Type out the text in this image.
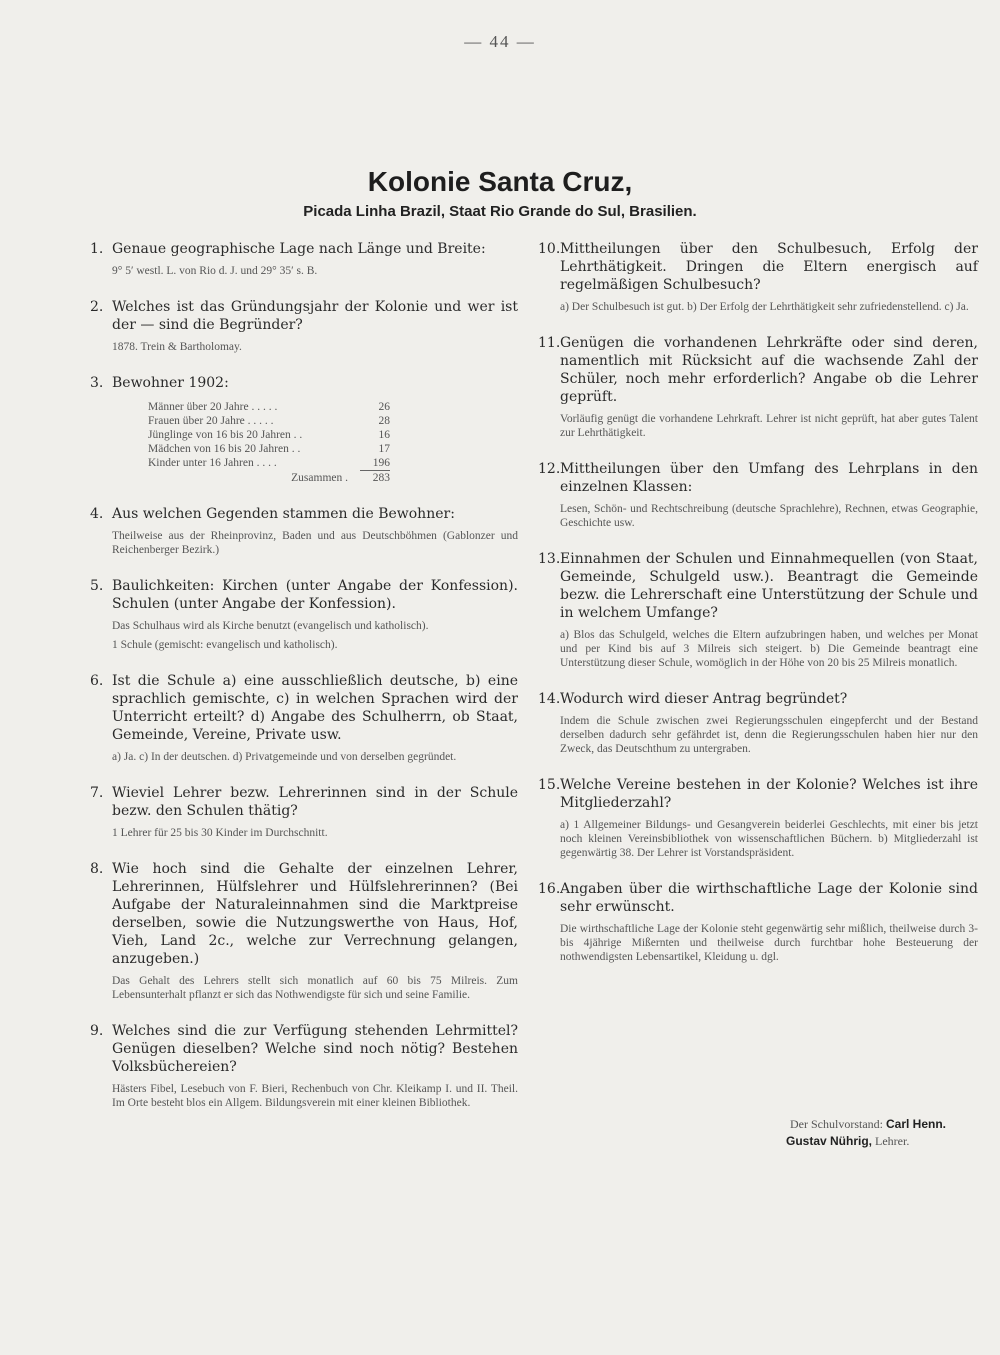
— 44 —
Kolonie Santa Cruz,
Picada Linha Brazil, Staat Rio Grande do Sul, Brasilien.
1. Genaue geographische Lage nach Länge und Breite:
9° 5′ westl. L. von Rio d. J. und 29° 35′ s. B.
2. Welches ist das Gründungsjahr der Kolonie und wer ist der — sind die Begründer?
1878. Trein & Bartholomay.
3. Bewohner 1902:
Männer über 20 Jahre . . . . .	26
Frauen über 20 Jahre . . . . .	28
Jünglinge von 16 bis 20 Jahren . .	16
Mädchen von 16 bis 20 Jahren . .	17
Kinder unter 16 Jahren . . . .	196
Zusammen .	283
4. Aus welchen Gegenden stammen die Bewohner:
Theilweise aus der Rheinprovinz, Baden und aus Deutschböhmen (Gablonzer und Reichenberger Bezirk.)
5. Baulichkeiten: Kirchen (unter Angabe der Konfession). Schulen (unter Angabe der Konfession).

Das Schulhaus wird als Kirche benutzt (evangelisch und katholisch).

1 Schule (gemischt: evangelisch und katholisch).

6. Ist die Schule a) eine ausschließlich deutsche, b) eine sprachlich gemischte, c) in welchen Sprachen wird der Unterricht erteilt? d) Angabe des Schulherrn, ob Staat, Gemeinde, Vereine, Private usw.
a) Ja. c) In der deutschen. d) Privatgemeinde und von derselben gegründet.
7. Wieviel Lehrer bezw. Lehrerinnen sind in der Schule bezw. den Schulen thätig?
1 Lehrer für 25 bis 30 Kinder im Durchschnitt.
8. Wie hoch sind die Gehalte der einzelnen Lehrer, Lehrerinnen, Hülfslehrer und Hülfslehrerinnen? (Bei Aufgabe der Naturaleinnahmen sind die Marktpreise derselben, sowie die Nutzungswerthe von Haus, Hof, Vieh, Land 2c., welche zur Verrechnung gelangen, anzugeben.)
Das Gehalt des Lehrers stellt sich monatlich auf 60 bis 75 Milreis. Zum Lebensunterhalt pflanzt er sich das Nothwendigste für sich und seine Familie.
9. Welches sind die zur Verfügung stehenden Lehrmittel? Genügen dieselben? Welche sind noch nötig? Bestehen Volksbüchereien?
Hästers Fibel, Lesebuch von F. Bieri, Rechenbuch von Chr. Kleikamp I. und II. Theil. Im Orte besteht blos ein Allgem. Bildungsverein mit einer kleinen Bibliothek.
10.Mittheilungen über den Schulbesuch, Erfolg der Lehrthätigkeit. Dringen die Eltern energisch auf regelmäßigen Schulbesuch?
a) Der Schulbesuch ist gut. b) Der Erfolg der Lehrthätigkeit sehr zufriedenstellend. c) Ja.
11.Genügen die vorhandenen Lehrkräfte oder sind deren, namentlich mit Rücksicht auf die wachsende Zahl der Schüler, noch mehr erforderlich? Angabe ob die Lehrer geprüft.
Vorläufig genügt die vorhandene Lehrkraft. Lehrer ist nicht geprüft, hat aber gutes Talent zur Lehrthätigkeit.
12.Mittheilungen über den Umfang des Lehrplans in den einzelnen Klassen:
Lesen, Schön- und Rechtschreibung (deutsche Sprachlehre), Rechnen, etwas Geographie, Geschichte usw.
13.Einnahmen der Schulen und Einnahmequellen (von Staat, Gemeinde, Schulgeld usw.). Beantragt die Gemeinde bezw. die Lehrerschaft eine Unterstützung der Schule und in welchem Umfange?
a) Blos das Schulgeld, welches die Eltern aufzubringen haben, und welches per Monat und per Kind bis auf 3 Milreis sich steigert. b) Die Gemeinde beantragt eine Unterstützung dieser Schule, womöglich in der Höhe von 20 bis 25 Milreis monatlich.
14.Wodurch wird dieser Antrag begründet?
Indem die Schule zwischen zwei Regierungsschulen eingepfercht und der Bestand derselben dadurch sehr gefährdet ist, denn die Regierungsschulen haben hier nur den Zweck, das Deutschthum zu untergraben.
15.Welche Vereine bestehen in der Kolonie? Welches ist ihre Mitgliederzahl?
a) 1 Allgemeiner Bildungs- und Gesangverein beiderlei Geschlechts, mit einer bis jetzt noch kleinen Vereinsbibliothek von wissenschaftlichen Büchern. b) Mitgliederzahl ist gegenwärtig 38. Der Lehrer ist Vorstandspräsident.
16.Angaben über die wirthschaftliche Lage der Kolonie sind sehr erwünscht.
Die wirthschaftliche Lage der Kolonie steht gegenwärtig sehr mißlich, theilweise durch 3- bis 4jährige Mißernten und theilweise durch furchtbar hohe Besteuerung der nothwendigsten Lebensartikel, Kleidung u. dgl.
Der Schulvorstand: Carl Henn.
Gustav Nührig, Lehrer.
